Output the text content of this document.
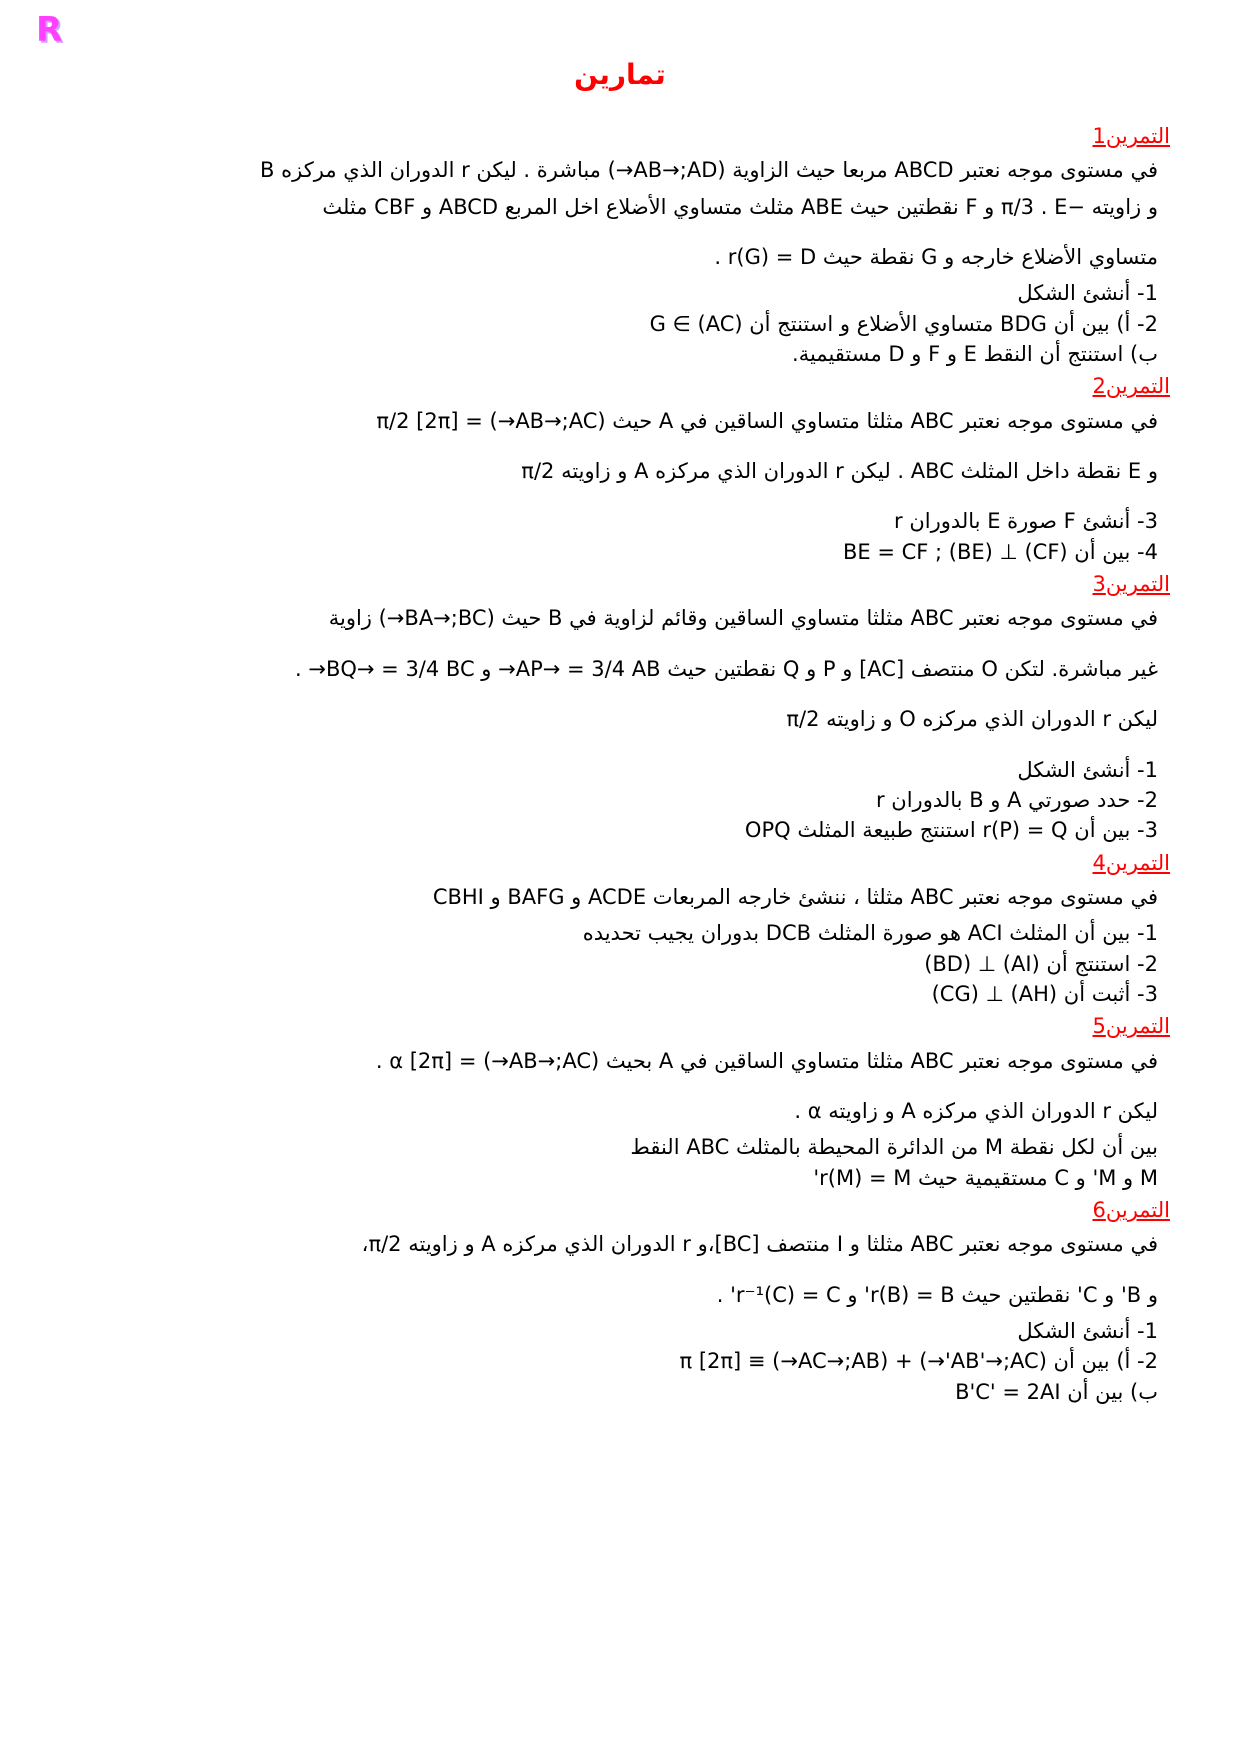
R
تمارين
التمرين1
في مستوى موجه نعتبر ABCD مربعا حيث الزاوية (AB→;AD→) مباشرة . ليكن r الدوران الذي مركزه B
و زاويته −π/3 . E و F نقطتين حيث ABE مثلث متساوي الأضلاع اخل المربع ABCD و CBF مثلث
متساوي الأضلاع خارجه و G نقطة حيث r(G) = D .
1- أنشئ الشكل
2- أ) بين أن BDG متساوي الأضلاع و استنتج أن G ∈ (AC)
ب) استنتج أن النقط E و F و D مستقيمية.
التمرين2
في مستوى موجه نعتبر ABC مثلثا متساوي الساقين في A حيث (AB→;AC→) = π/2 [2π]
و E نقطة داخل المثلث ABC . ليكن r الدوران الذي مركزه A و زاويته π/2
3- أنشئ F صورة E بالدوران r
4- بين أن BE = CF ; (BE) ⊥ (CF)
التمرين3
في مستوى موجه نعتبر ABC مثلثا متساوي الساقين وقائم لزاوية في B حيث (BA→;BC→) زاوية
غير مباشرة. لتكن O منتصف [AC] و P و Q نقطتين حيث AP→ = 3/4 AB→ و BQ→ = 3/4 BC→ .
ليكن r الدوران الذي مركزه O و زاويته π/2
1- أنشئ الشكل
2- حدد صورتي A و B بالدوران r
3- بين أن r(P) = Q استنتج طبيعة المثلث OPQ
التمرين4
في مستوى موجه نعتبر ABC مثلثا ، ننشئ خارجه المربعات ACDE و BAFG و CBHI
1- بين أن المثلث ACI هو صورة المثلث DCB بدوران يجيب تحديده
2- استنتج أن (AI) ⊥ (BD)
3- أثبت أن (AH) ⊥ (CG)
التمرين5
في مستوى موجه نعتبر ABC مثلثا متساوي الساقين في A بحيث (AB→;AC→) = α [2π] .
ليكن r الدوران الذي مركزه A و زاويته α .
بين أن لكل نقطة M من الدائرة المحيطة بالمثلث ABC النقط
M و M' و C مستقيمية حيث r(M) = M'
التمرين6
في مستوى موجه نعتبر ABC مثلثا و I منتصف [BC]،و r الدوران الذي مركزه A و زاويته π/2،
و B' و C' نقطتين حيث r(B) = B' و r⁻¹(C) = C' .
1- أنشئ الشكل
2- أ) بين أن (AB'→;AC'→) + (AC→;AB→) ≡ π [2π]
ب) بين أن B'C' = 2AI
